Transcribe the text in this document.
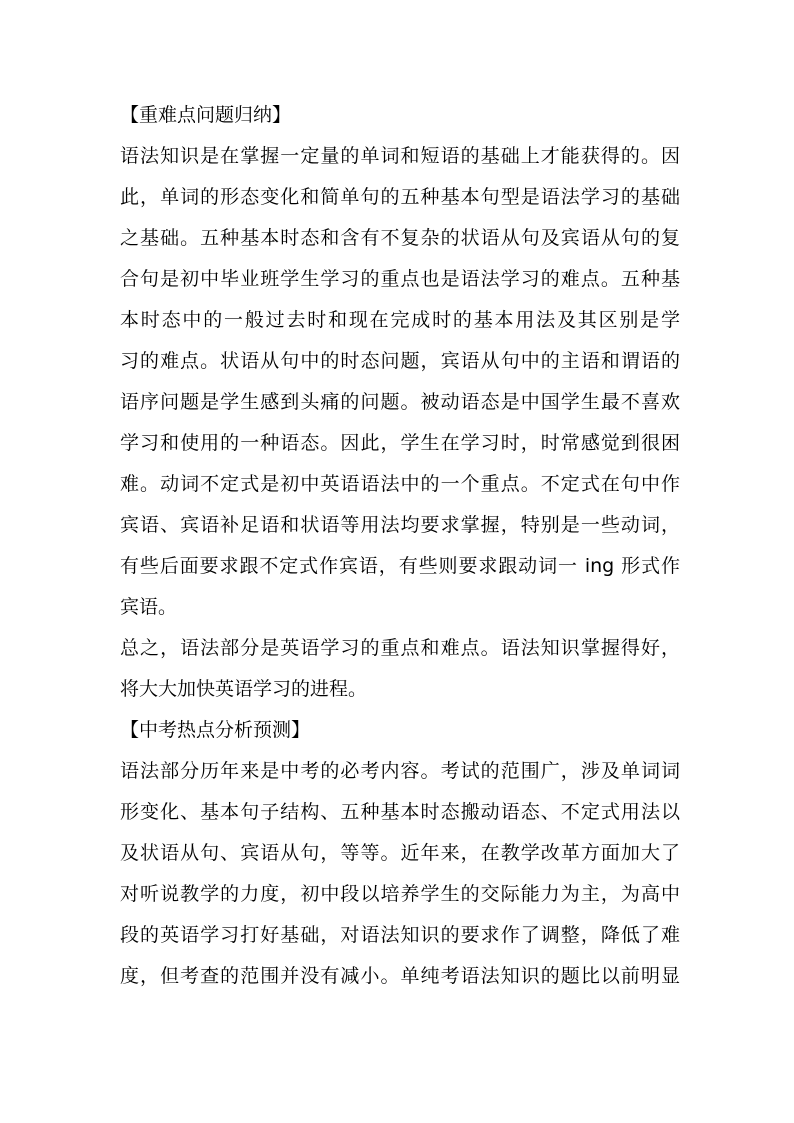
【重难点问题归纳】
语法知识是在掌握一定量的单词和短语的基础上才能获得的。因
此，单词的形态变化和简单句的五种基本句型是语法学习的基础
之基础。五种基本时态和含有不复杂的状语从句及宾语从句的复
合句是初中毕业班学生学习的重点也是语法学习的难点。五种基
本时态中的一般过去时和现在完成时的基本用法及其区别是学
习的难点。状语从句中的时态问题，宾语从句中的主语和谓语的
语序问题是学生感到头痛的问题。被动语态是中国学生最不喜欢
学习和使用的一种语态。因此，学生在学习时，时常感觉到很困
难。动词不定式是初中英语语法中的一个重点。不定式在句中作
宾语、宾语补足语和状语等用法均要求掌握，特别是一些动词，
有些后面要求跟不定式作宾语，有些则要求跟动词一 ing 形式作
宾语。
总之，语法部分是英语学习的重点和难点。语法知识掌握得好，
将大大加快英语学习的进程。
【中考热点分析预测】
语法部分历年来是中考的必考内容。考试的范围广，涉及单词词
形变化、基本句子结构、五种基本时态搬动语态、不定式用法以
及状语从句、宾语从句，等等。近年来，在教学改革方面加大了
对听说教学的力度，初中段以培养学生的交际能力为主，为高中
段的英语学习打好基础，对语法知识的要求作了调整，降低了难
度，但考查的范围并没有减小。单纯考语法知识的题比以前明显
